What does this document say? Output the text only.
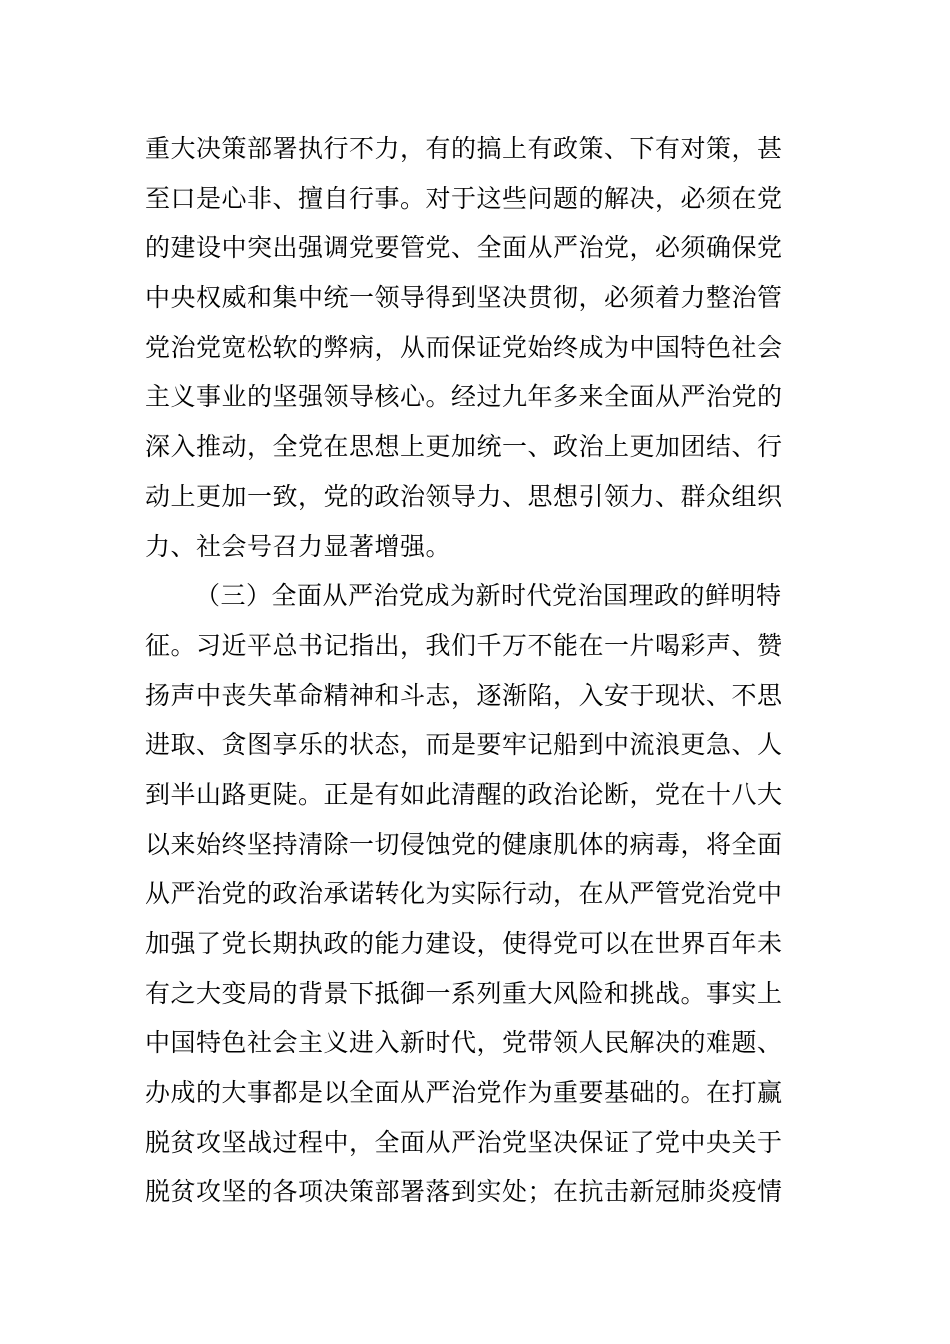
重大决策部署执行不力，有的搞上有政策、下有对策，甚
至口是心非、擅自行事。对于这些问题的解决，必须在党
的建设中突出强调党要管党、全面从严治党，必须确保党
中央权威和集中统一领导得到坚决贯彻，必须着力整治管
党治党宽松软的弊病，从而保证党始终成为中国特色社会
主义事业的坚强领导核心。经过九年多来全面从严治党的
深入推动，全党在思想上更加统一、政治上更加团结、行
动上更加一致，党的政治领导力、思想引领力、群众组织
力、社会号召力显著增强。
（三）全面从严治党成为新时代党治国理政的鲜明特
征。习近平总书记指出，我们千万不能在一片喝彩声、赞
扬声中丧失革命精神和斗志，逐渐陷，入安于现状、不思
进取、贪图享乐的状态，而是要牢记船到中流浪更急、人
到半山路更陡。正是有如此清醒的政治论断，党在十八大
以来始终坚持清除一切侵蚀党的健康肌体的病毒，将全面
从严治党的政治承诺转化为实际行动，在从严管党治党中
加强了党长期执政的能力建设，使得党可以在世界百年未
有之大变局的背景下抵御一系列重大风险和挑战。事实上
中国特色社会主义进入新时代，党带领人民解决的难题、
办成的大事都是以全面从严治党作为重要基础的。在打赢
脱贫攻坚战过程中，全面从严治党坚决保证了党中央关于
脱贫攻坚的各项决策部署落到实处；在抗击新冠肺炎疫情
